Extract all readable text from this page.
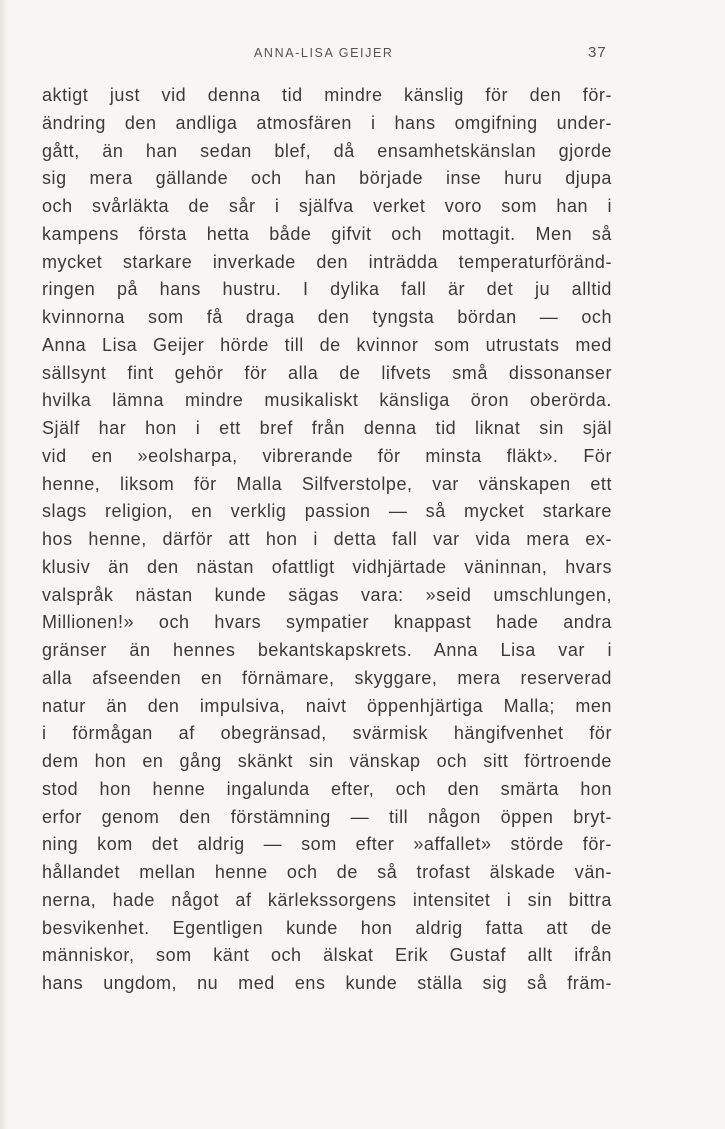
ANNA-LISA GEIJER	37
aktigt just vid denna tid mindre känslig för den för-
ändring den andliga atmosfären i hans omgifning under-
gått, än han sedan blef, då ensamhetskänslan gjorde
sig mera gällande och han började inse huru djupa
och svårläkta de sår i själfva verket voro som han i
kampens första hetta både gifvit och mottagit. Men så
mycket starkare inverkade den inträdda temperaturföränd-
ringen på hans hustru. I dylika fall är det ju alltid
kvinnorna som få draga den tyngsta bördan — och
Anna Lisa Geijer hörde till de kvinnor som utrustats med
sällsynt fint gehör för alla de lifvets små dissonanser
hvilka lämna mindre musikaliskt känsliga öron oberörda.
Själf har hon i ett bref från denna tid liknat sin själ
vid en »eolsharpa, vibrerande för minsta fläkt». För
henne, liksom för Malla Silfverstolpe, var vänskapen ett
slags religion, en verklig passion — så mycket starkare
hos henne, därför att hon i detta fall var vida mera ex-
klusiv än den nästan ofattligt vidhjärtade väninnan, hvars
valspråk nästan kunde sägas vara: »seid umschlungen,
Millionen!» och hvars sympatier knappast hade andra
gränser än hennes bekantskapskrets. Anna Lisa var i
alla afseenden en förnämare, skyggare, mera reserverad
natur än den impulsiva, naivt öppenhjärtiga Malla; men
i förmågan af obegränsad, svärmisk hängifvenhet för
dem hon en gång skänkt sin vänskap och sitt förtroende
stod hon henne ingalunda efter, och den smärta hon
erfor genom den förstämning — till någon öppen bryt-
ning kom det aldrig — som efter »affallet» störde för-
hållandet mellan henne och de så trofast älskade vän-
nerna, hade något af kärlekssorgens intensitet i sin bittra
besvikenhet. Egentligen kunde hon aldrig fatta att de
människor, som känt och älskat Erik Gustaf allt ifrån
hans ungdom, nu med ens kunde ställa sig så främ-
